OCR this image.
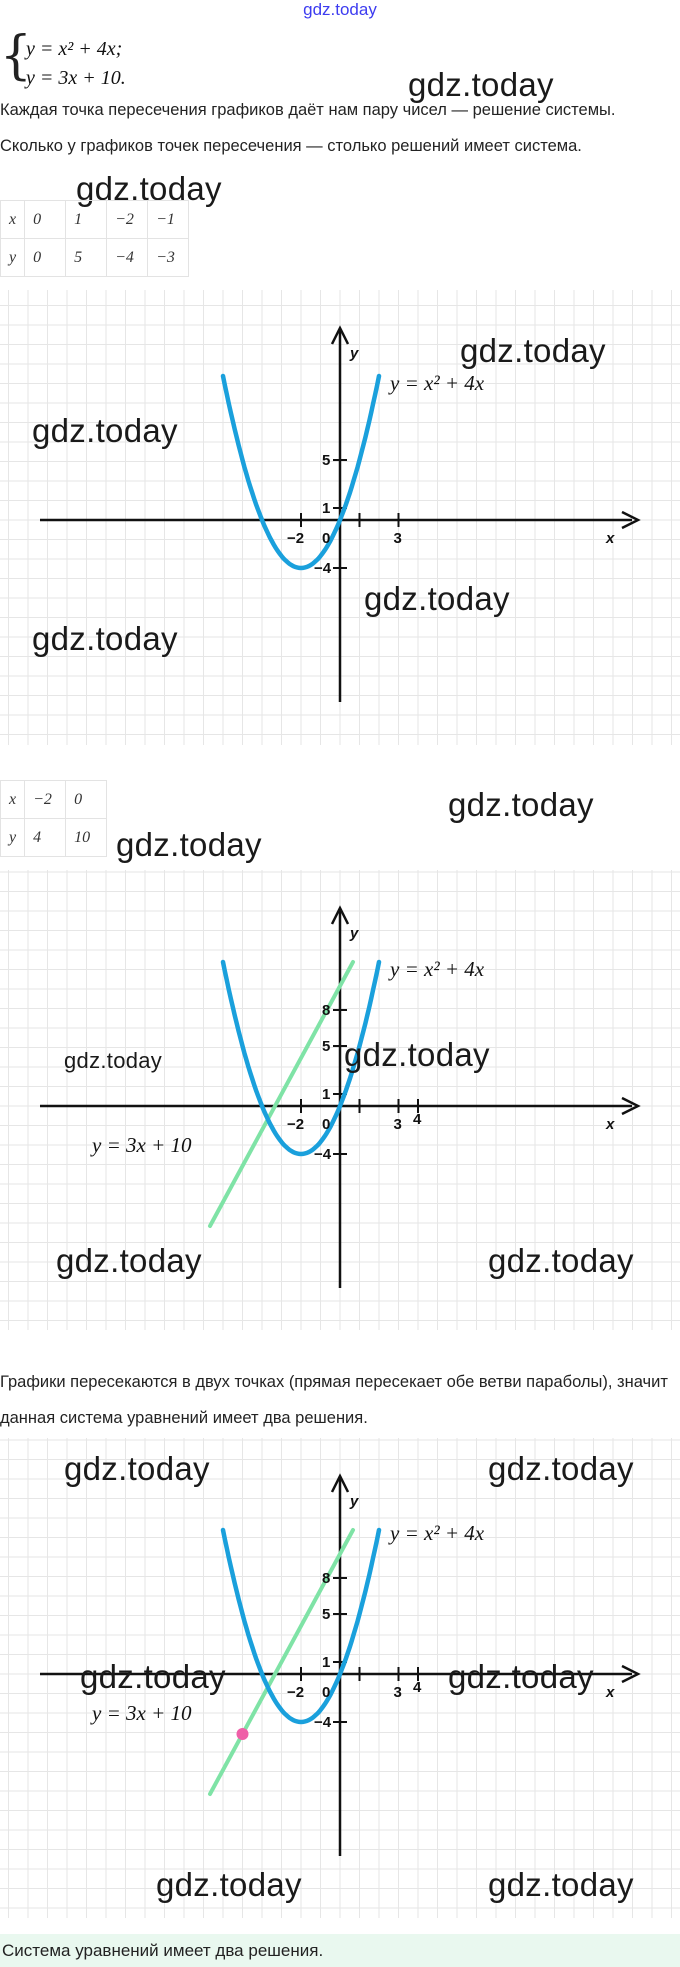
gdz.today
{
y = x² + 4x;
y = 3x + 10.	gdz.today
Каждая точка пересечения графиков даёт нам пару чисел — решение системы. Сколько у графиков точек пересечения — столько решений имеет система.
gdz.today
x	0	1	−2	−1
y	0	5	−4	−3
−2	3
1
5
−4
0	x
y
y = x² + 4x
gdz.today
gdz.today
gdz.today
gdz.today
x	−2	0
y	4	10
gdz.today
gdz.today
−2	3 4
1
5
8
−4
0	x
y
y = x² + 4x
y = 3x + 10
gdz.today	gdz.today
gdz.today	gdz.today
Графики пересекаются в двух точках (прямая пересекает обе ветви параболы), значит данная система уравнений имеет два решения.
−2	3 4
1
5
8
−4
0	x
y
y = x² + 4x
y = 3x + 10
gdz.today	gdz.today
gdz.today	gdz.today
gdz.today	gdz.today
Система уравнений имеет два решения.
